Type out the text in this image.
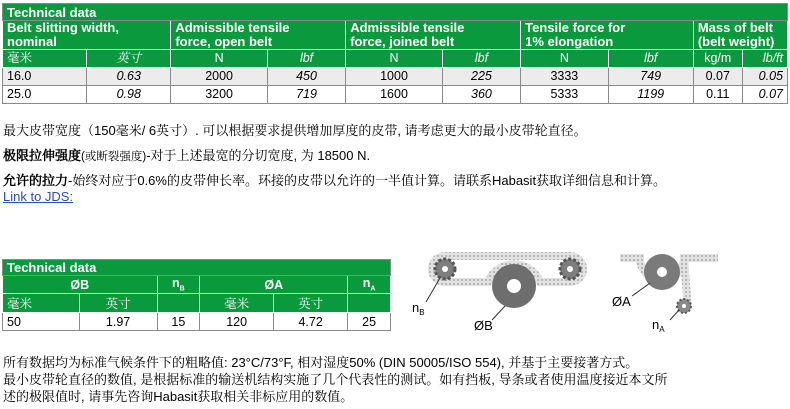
Technical data									
Belt slitting width,
nominal		Admissible tensile
force, open belt		Admissible tensile
force, joined belt		Tensile force for
1% elongation		Mass of belt
(belt weight)	
毫米	英寸	N	lbf	N	lbf	N	lbf	kg/m	lb/ft
16.0	0.63	2000	450	1000	225	3333	749	0.07	0.05
25.0	0.98	3200	719	1600	360	5333	1199	0.11	0.07
最大皮带宽度（150毫米/ 6英寸）. 可以根据要求提供增加厚度的皮带, 请考虑更大的最小皮带轮直径。
极限拉伸强度(或断裂强度)-对于上述最宽的分切宽度, 为 18500 N.
允许的拉力-始终对应于0.6%的皮带伸长率。环接的皮带以允许的一半值计算。请联系Habasit获取详细信息和计算。
Link to JDS:
Technical data					
ØB		$n_B$	ØA		$n_A$
毫米	英寸		毫米	英寸	
50	1.97	15	120	4.72	25
$n_B$
ØB
ØA
$n_A$
所有数据均为标准气候条件下的粗略值: 23°C/73°F, 相对湿度50% (DIN 50005/ISO 554), 并基于主要接著方式。
最小皮带轮直径的数值, 是根据标准的输送机结构实施了几个代表性的测试。如有挡板, 导条或者使用温度接近本文所
述的极限值时, 请事先咨询Habasit获取相关非标应用的数值。
